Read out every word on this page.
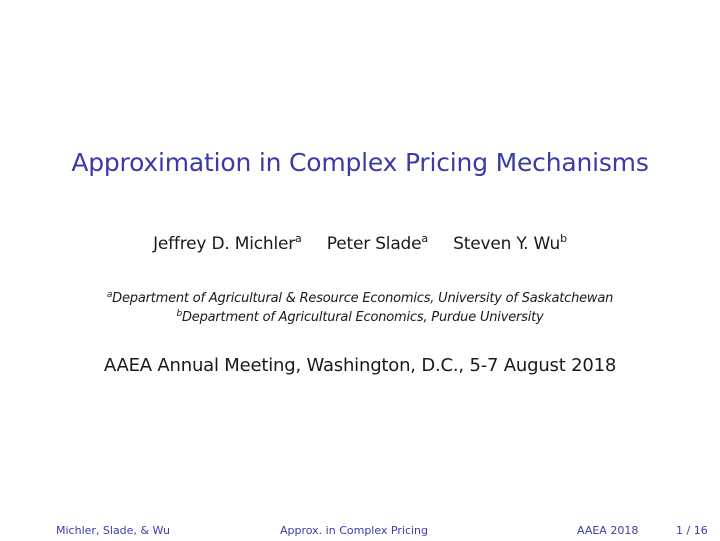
Approximation in Complex Pricing Mechanisms
Jeffrey D. Michler$^a$ Peter Slade$^a$ Steven Y. Wu$^b$
$^a$Department of Agricultural & Resource Economics, University of Saskatchewan
$^b$Department of Agricultural Economics, Purdue University
AAEA Annual Meeting, Washington, D.C., 5-7 August 2018
Michler, Slade, & Wu	Approx. in Complex Pricing	AAEA 2018	1 / 16
